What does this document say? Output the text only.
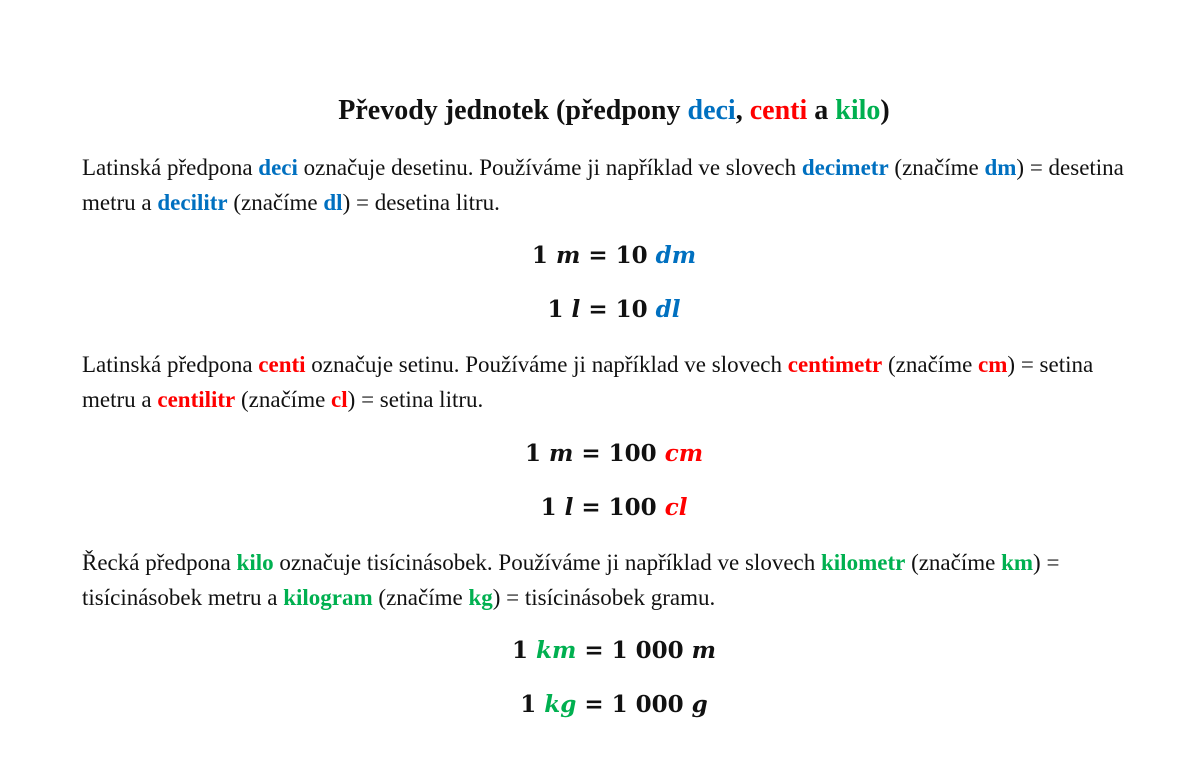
Převody jednotek (předpony deci, centi a kilo)
Latinská předpona deci označuje desetinu. Používáme ji například ve slovech decimetr (značíme dm) = desetina metru a decilitr (značíme dl) = desetina litru.
1 m = 10 dm
1 l = 10 dl
Latinská předpona centi označuje setinu. Používáme ji například ve slovech centimetr (značíme cm) = setina metru a centilitr (značíme cl) = setina litru.
1 m = 100 cm
1 l = 100 cl
Řecká předpona kilo označuje tisícinásobek. Používáme ji například ve slovech kilometr (značíme km) = tisícinásobek metru a kilogram (značíme kg) = tisícinásobek gramu.
1 km = 1 000 m
1 kg = 1 000 g
